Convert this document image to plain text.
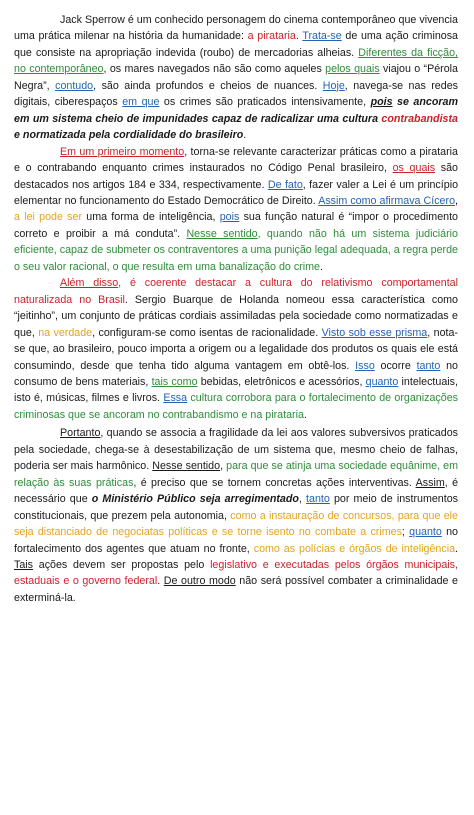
Jack Sperrow é um conhecido personagem do cinema contemporâneo que vivencia uma prática milenar na história da humanidade: a pirataria. Trata-se de uma ação criminosa que consiste na apropriação indevida (roubo) de mercadorias alheias. Diferentes da ficção, no contemporâneo, os mares navegados não são como aqueles pelos quais viajou o “Pérola Negra”, contudo, são ainda profundos e cheios de nuances. Hoje, navega-se nas redes digitais, ciberespaços em que os crimes são praticados intensivamente, pois se ancoram em um sistema cheio de impunidades capaz de radicalizar uma cultura contrabandista e normatizada pela cordialidade do brasileiro.

Em um primeiro momento, torna-se relevante caracterizar práticas como a pirataria e o contrabando enquanto crimes instaurados no Código Penal brasileiro, os quais são destacados nos artigos 184 e 334, respectivamente. De fato, fazer valer a Lei é um princípio elementar no funcionamento do Estado Democrático de Direito. Assim como afirmava Cícero, a lei pode ser uma forma de inteligência, pois sua função natural é “impor o procedimento correto e proibir a má conduta”. Nesse sentido, quando não há um sistema judiciário eficiente, capaz de submeter os contraventores a uma punição legal adequada, a regra perde o seu valor racional, o que resulta em uma banalização do crime.

Além disso, é coerente destacar a cultura do relativismo comportamental naturalizada no Brasil. Sergio Buarque de Holanda nomeou essa característica como “jeitinho”, um conjunto de práticas cordiais assimiladas pela sociedade como normatizadas e que, na verdade, configuram-se como isentas de racionalidade. Visto sob esse prisma, nota-se que, ao brasileiro, pouco importa a origem ou a legalidade dos produtos os quais ele está consumindo, desde que tenha tido alguma vantagem em obtê-los. Isso ocorre tanto no consumo de bens materiais, tais como bebidas, eletrônicos e acessórios, quanto intelectuais, isto é, músicas, filmes e livros. Essa cultura corrobora para o fortalecimento de organizações criminosas que se ancoram no contrabandismo e na pirataria.

Portanto, quando se associa a fragilidade da lei aos valores subversivos praticados pela sociedade, chega-se à desestabilização de um sistema que, mesmo cheio de falhas, poderia ser mais harmônico. Nesse sentido, para que se atinja uma sociedade equânime, em relação às suas práticas, é preciso que se tornem concretas ações interventivas. Assim, é necessário que o Ministério Público seja arregimentado, tanto por meio de instrumentos constitucionais, que prezem pela autonomia, como a instauração de concursos, para que ele seja distanciado de negociatas políticas e se torne isento no combate a crimes; quanto no fortalecimento dos agentes que atuam no fronte, como as polícias e órgãos de inteligência. Tais ações devem ser propostas pelo legislativo e executadas pelos órgãos municipais, estaduais e o governo federal. De outro modo não será possível combater a criminalidade e exterminá-la.
